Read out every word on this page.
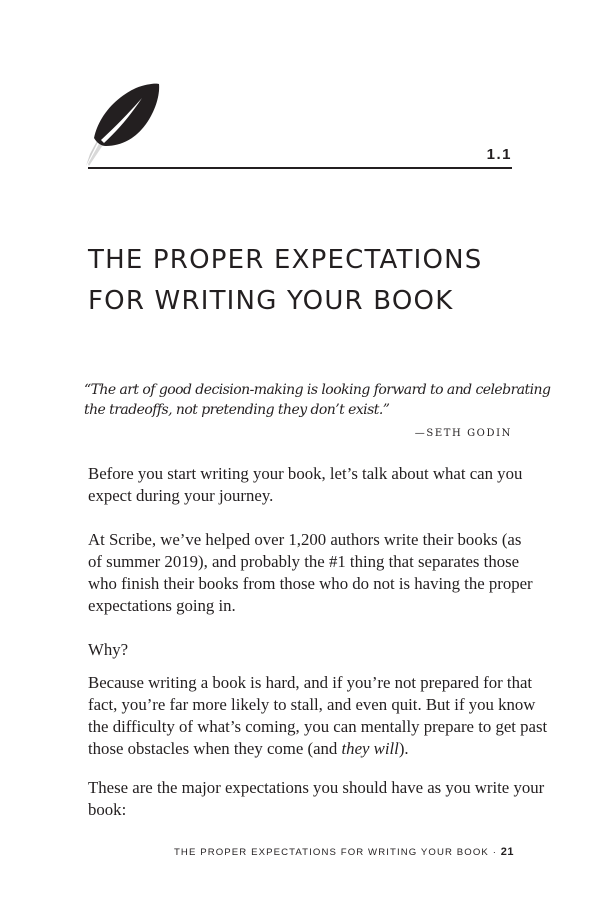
1.1
THE PROPER EXPECTATIONS
FOR WRITING YOUR BOOK
“The art of good decision-making is looking forward to and celebrating
the tradeoffs, not pretending they don’t exist.”
—SETH GODIN

Before you start writing your book, let’s talk about what can you
expect during your journey.

At Scribe, we’ve helped over 1,200 authors write their books (as
of summer 2019), and probably the #1 thing that separates those
who finish their books from those who do not is having the proper
expectations going in.

Why?

Because writing a book is hard, and if you’re not prepared for that
fact, you’re far more likely to stall, and even quit. But if you know
the difficulty of what’s coming, you can mentally prepare to get past
those obstacles when they come (and they will).

These are the major expectations you should have as you write your
book:

THE PROPER EXPECTATIONS FOR WRITING YOUR BOOK · 21
